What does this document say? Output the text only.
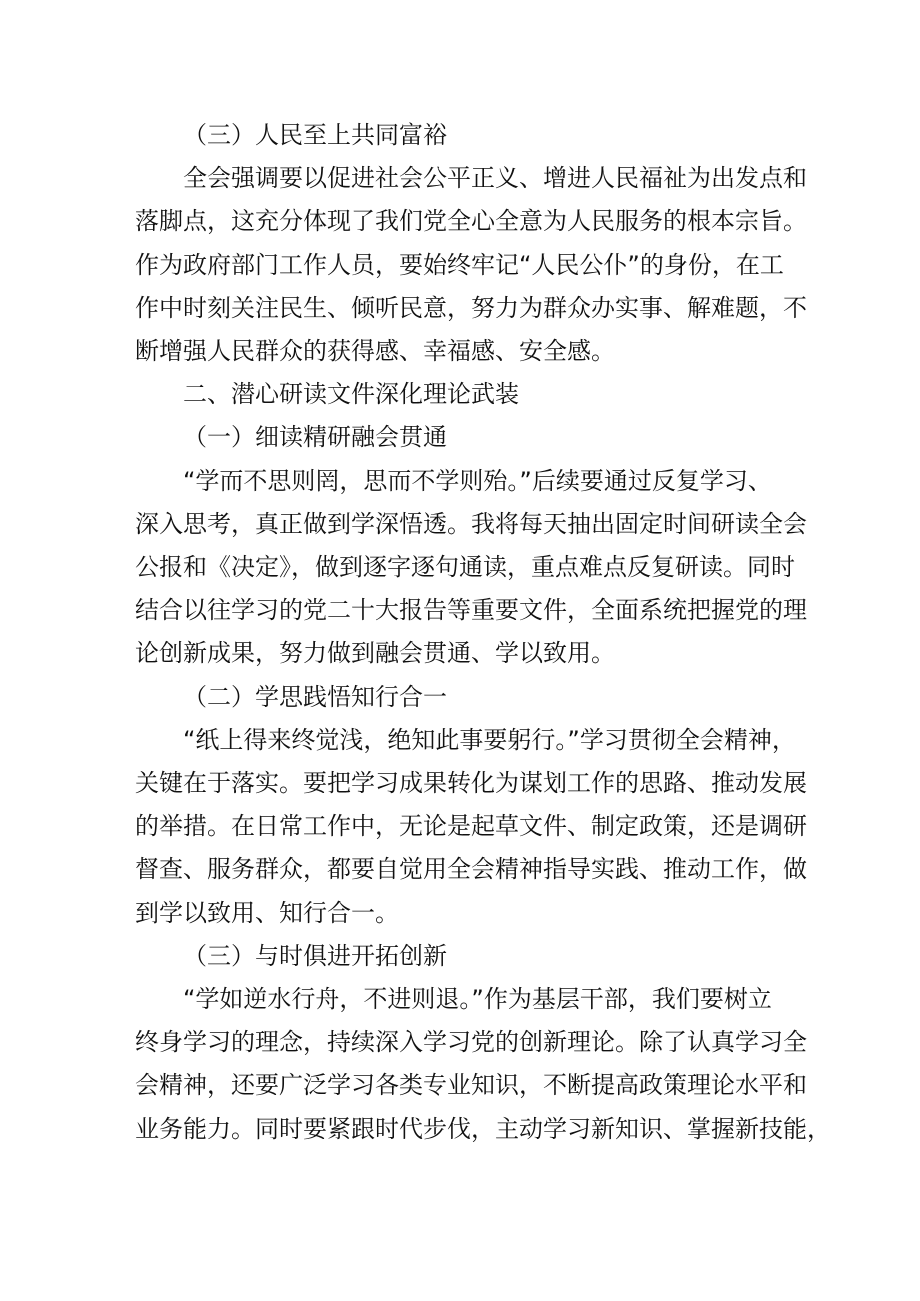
（三）人民至上共同富裕
全会强调要以促进社会公平正义、增进人民福祉为出发点和
落脚点，这充分体现了我们党全心全意为人民服务的根本宗旨。
作为政府部门工作人员，要始终牢记“人民公仆”的身份，在工
作中时刻关注民生、倾听民意，努力为群众办实事、解难题，不
断增强人民群众的获得感、幸福感、安全感。
二、潜心研读文件深化理论武装
（一）细读精研融会贯通
“学而不思则罔，思而不学则殆。”后续要通过反复学习、
深入思考，真正做到学深悟透。我将每天抽出固定时间研读全会
公报和《决定》，做到逐字逐句通读，重点难点反复研读。同时
结合以往学习的党二十大报告等重要文件，全面系统把握党的理
论创新成果，努力做到融会贯通、学以致用。
（二）学思践悟知行合一
“纸上得来终觉浅，绝知此事要躬行。”学习贯彻全会精神，
关键在于落实。要把学习成果转化为谋划工作的思路、推动发展
的举措。在日常工作中，无论是起草文件、制定政策，还是调研
督查、服务群众，都要自觉用全会精神指导实践、推动工作，做
到学以致用、知行合一。
（三）与时俱进开拓创新
“学如逆水行舟，不进则退。”作为基层干部，我们要树立
终身学习的理念，持续深入学习党的创新理论。除了认真学习全
会精神，还要广泛学习各类专业知识，不断提高政策理论水平和
业务能力。同时要紧跟时代步伐，主动学习新知识、掌握新技能，
